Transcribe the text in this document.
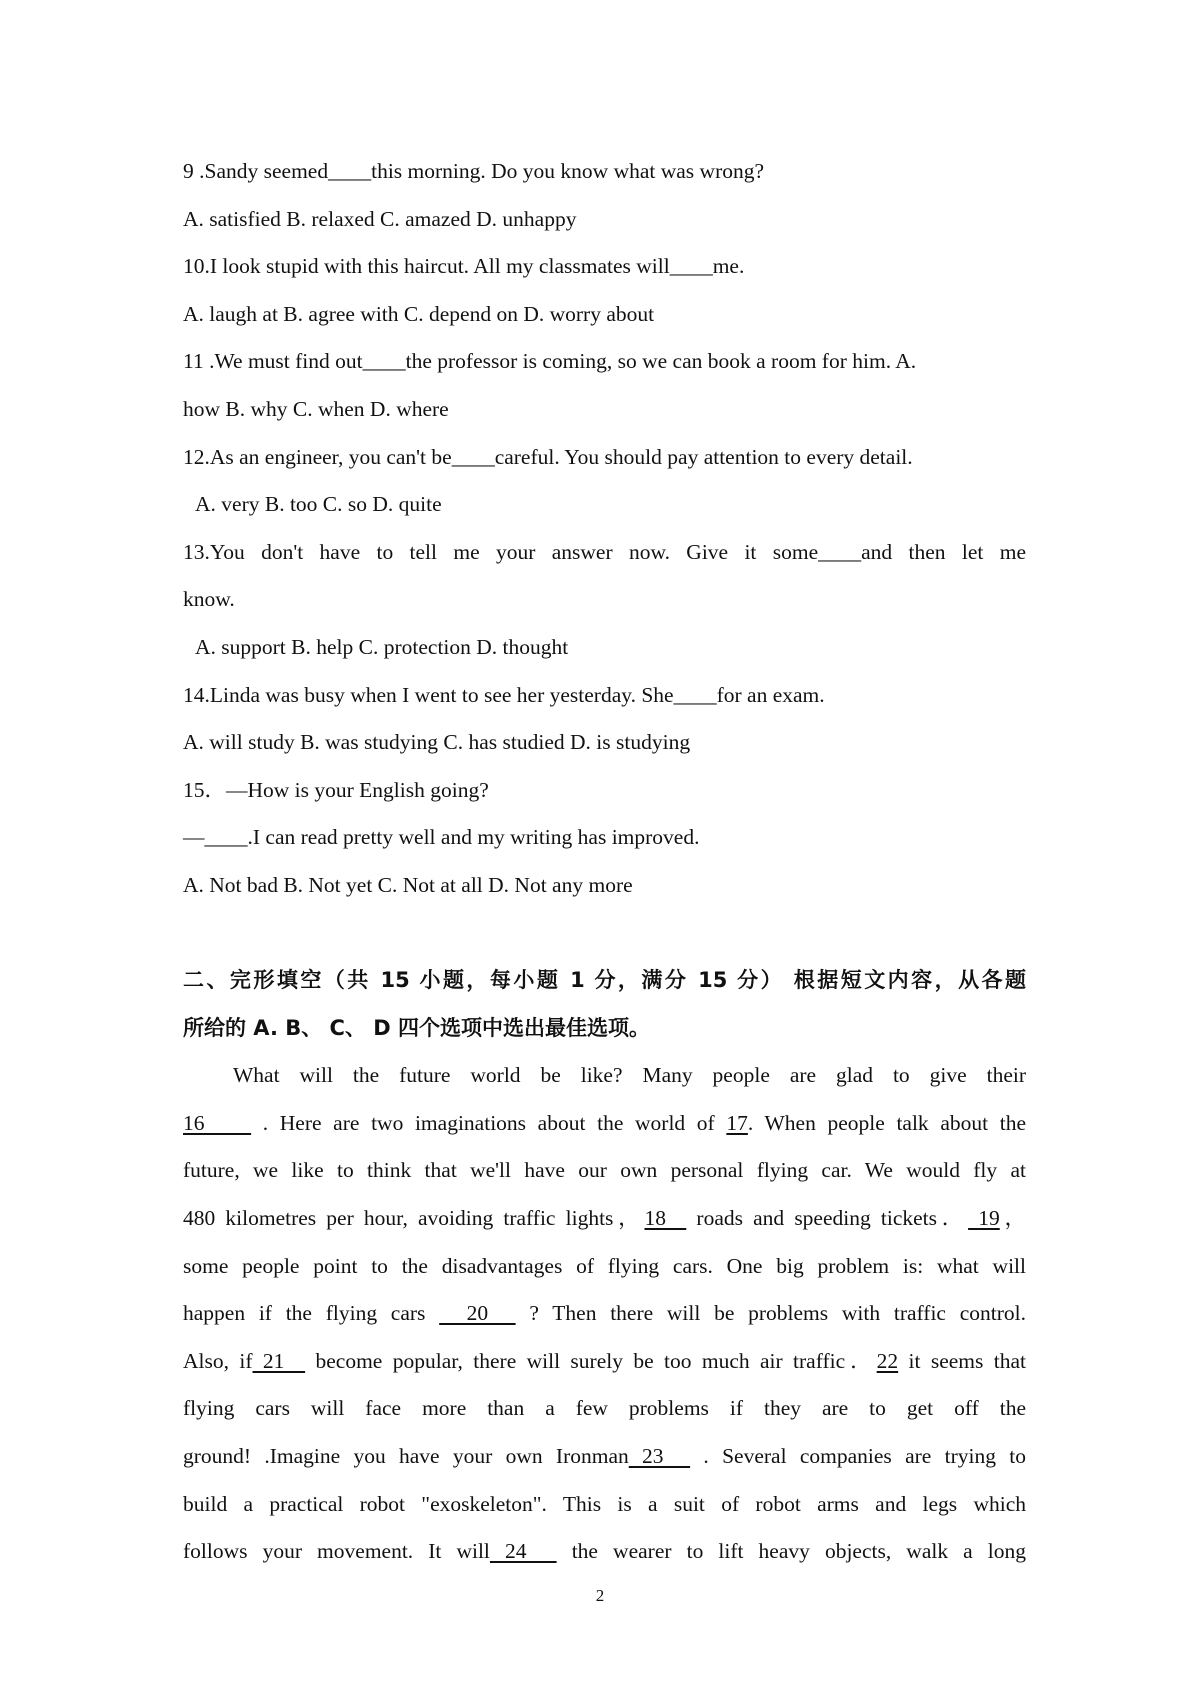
9 .Sandy seemed____this morning. Do you know what was wrong?
A. satisfied B. relaxed C. amazed D. unhappy
10.I look stupid with this haircut. All my classmates will____me.
A. laugh at B. agree with C. depend on D. worry about
11 .We must find out____the professor is coming, so we can book a room for him. A.
how B. why C. when D. where
12.As an engineer, you can't be____careful. You should pay attention to every detail.
A. very B. too C. so D. quite
13.You don't have to tell me your answer now. Give it some____and then let me
know.
A. support B. help C. protection D. thought
14.Linda was busy when I went to see her yesterday. She____for an exam.
A. will study B. was studying C. has studied D. is studying
15．—How is your English going?
—____.I can read pretty well and my writing has improved.
A. Not bad B. Not yet C. Not at all D. Not any more
二、完形填空（共 15 小题，每小题 1 分，满分 15 分） 根据短文内容，从各题
所给的 A. B、 C、 D 四个选项中选出最佳选项。
What will the future world be like? Many people are glad to give their
16     . Here are two imaginations about the world of 17. When people talk about the
future, we like to think that we'll have our own personal flying car. We would fly at
480 kilometres per hour, avoiding traffic lights，18   roads and speeding tickets． 19，
some people point to the disadvantages of flying cars. One big problem is: what will
happen if the flying cars   20   ? Then there will be problems with traffic control.
Also, if 21   become popular, there will surely be too much air traffic．22 it seems that
flying cars will face more than a few problems if they are to get off the
ground! .Imagine you have your own Ironman 23   . Several companies are trying to
build a practical robot "exoskeleton". This is a suit of robot arms and legs which
follows your movement. It will 24   the wearer to lift heavy objects, walk a long
2
